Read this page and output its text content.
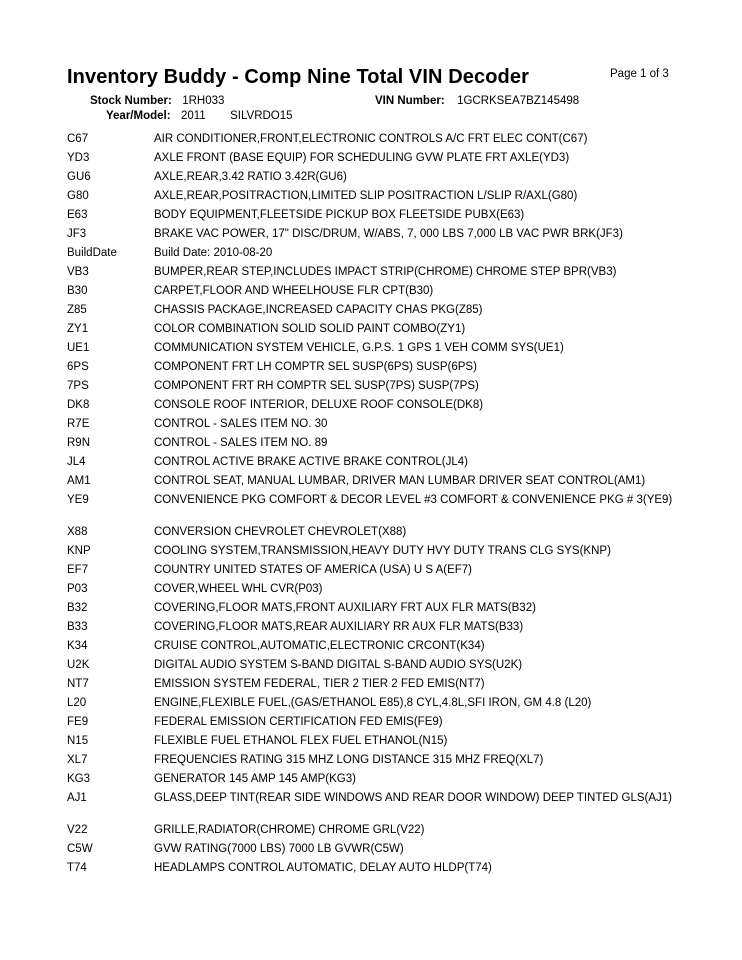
Inventory Buddy - Comp Nine Total VIN Decoder	Page 1 of 3
Stock Number: 1RH033	VIN Number: 1GCRKSEA7BZ145498
Year/Model: 2011 SILVRDO15
C67	AIR CONDITIONER,FRONT,ELECTRONIC CONTROLS A/C FRT ELEC CONT(C67)
YD3	AXLE FRONT (BASE EQUIP) FOR SCHEDULING GVW PLATE FRT AXLE(YD3)
GU6	AXLE,REAR,3.42 RATIO 3.42R(GU6)
G80	AXLE,REAR,POSITRACTION,LIMITED SLIP POSITRACTION L/SLIP R/AXL(G80)
E63	BODY EQUIPMENT,FLEETSIDE PICKUP BOX FLEETSIDE PUBX(E63)
JF3	BRAKE VAC POWER, 17" DISC/DRUM, W/ABS, 7, 000 LBS 7,000 LB VAC PWR BRK(JF3)
BuildDate	Build Date: 2010-08-20
VB3	BUMPER,REAR STEP,INCLUDES IMPACT STRIP(CHROME) CHROME STEP BPR(VB3)
B30	CARPET,FLOOR AND WHEELHOUSE FLR CPT(B30)
Z85	CHASSIS PACKAGE,INCREASED CAPACITY CHAS PKG(Z85)
ZY1	COLOR COMBINATION SOLID SOLID PAINT COMBO(ZY1)
UE1	COMMUNICATION SYSTEM VEHICLE, G.P.S. 1 GPS 1 VEH COMM SYS(UE1)
6PS	COMPONENT FRT LH COMPTR SEL SUSP(6PS) SUSP(6PS)
7PS	COMPONENT FRT RH COMPTR SEL SUSP(7PS) SUSP(7PS)
DK8	CONSOLE ROOF INTERIOR, DELUXE ROOF CONSOLE(DK8)
R7E	CONTROL - SALES ITEM NO. 30
R9N	CONTROL - SALES ITEM NO. 89
JL4	CONTROL ACTIVE BRAKE ACTIVE BRAKE CONTROL(JL4)
AM1	CONTROL SEAT, MANUAL LUMBAR, DRIVER MAN LUMBAR DRIVER SEAT CONTROL(AM1)
YE9	CONVENIENCE PKG COMFORT & DECOR LEVEL #3 COMFORT & CONVENIENCE PKG # 3(YE9)
X88	CONVERSION CHEVROLET CHEVROLET(X88)
KNP	COOLING SYSTEM,TRANSMISSION,HEAVY DUTY HVY DUTY TRANS CLG SYS(KNP)
EF7	COUNTRY UNITED STATES OF AMERICA (USA) U S A(EF7)
P03	COVER,WHEEL WHL CVR(P03)
B32	COVERING,FLOOR MATS,FRONT AUXILIARY FRT AUX FLR MATS(B32)
B33	COVERING,FLOOR MATS,REAR AUXILIARY RR AUX FLR MATS(B33)
K34	CRUISE CONTROL,AUTOMATIC,ELECTRONIC CRCONT(K34)
U2K	DIGITAL AUDIO SYSTEM S-BAND DIGITAL S-BAND AUDIO SYS(U2K)
NT7	EMISSION SYSTEM FEDERAL, TIER 2 TIER 2 FED EMIS(NT7)
L20	ENGINE,FLEXIBLE FUEL,(GAS/ETHANOL E85),8 CYL,4.8L,SFI IRON, GM 4.8 (L20)
FE9	FEDERAL EMISSION CERTIFICATION FED EMIS(FE9)
N15	FLEXIBLE FUEL ETHANOL FLEX FUEL ETHANOL(N15)
XL7	FREQUENCIES RATING 315 MHZ LONG DISTANCE 315 MHZ FREQ(XL7)
KG3	GENERATOR 145 AMP 145 AMP(KG3)
AJ1	GLASS,DEEP TINT(REAR SIDE WINDOWS AND REAR DOOR WINDOW) DEEP TINTED GLS(AJ1)
V22	GRILLE,RADIATOR(CHROME) CHROME GRL(V22)
C5W	GVW RATING(7000 LBS) 7000 LB GVWR(C5W)
T74	HEADLAMPS CONTROL AUTOMATIC, DELAY AUTO HLDP(T74)
